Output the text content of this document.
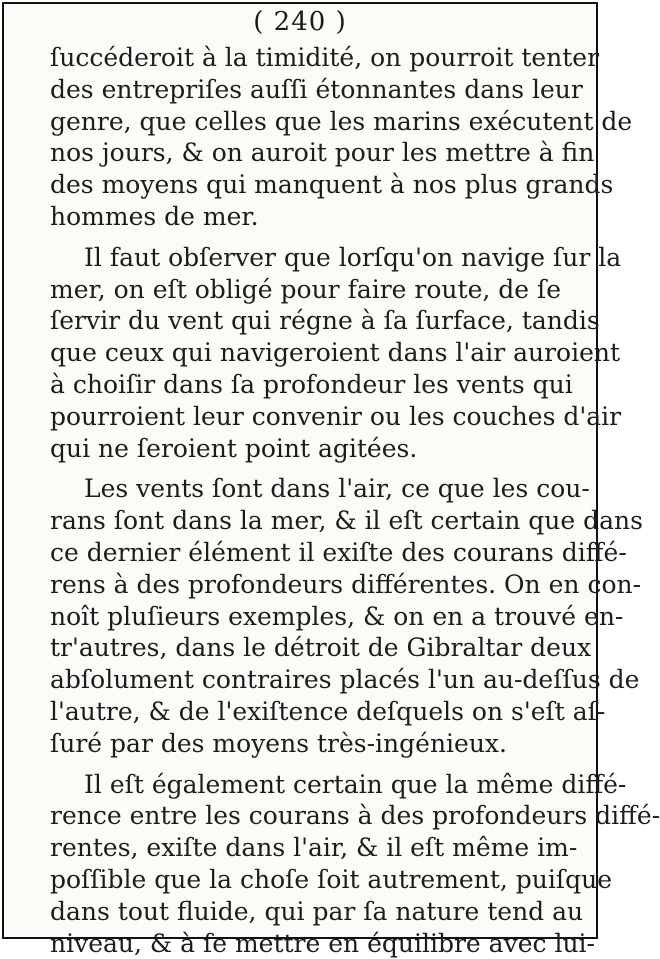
( 240 )
ſuccéderoit à la timidité, on pourroit tenter
des entrepriſes auſſi étonnantes dans leur
genre, que celles que les marins exécutent de
nos jours, & on auroit pour les mettre à fin
des moyens qui manquent à nos plus grands
hommes de mer.
Il faut obſerver que lorſqu'on navige ſur la
mer, on eſt obligé pour faire route, de ſe
ſervir du vent qui régne à ſa ſurface, tandis
que ceux qui navigeroient dans l'air auroient
à choiſir dans ſa profondeur les vents qui
pourroient leur convenir ou les couches d'air
qui ne ſeroient point agitées.
Les vents ſont dans l'air, ce que les cou-
rans ſont dans la mer, & il eſt certain que dans
ce dernier élément il exiſte des courans diffé-
rens à des profondeurs différentes. On en con-
noît pluſieurs exemples, & on en a trouvé en-
tr'autres, dans le détroit de Gibraltar deux
abſolument contraires placés l'un au-deſſus de
l'autre, & de l'exiſtence deſquels on s'eſt aſ-
ſuré par des moyens très-ingénieux.
Il eſt également certain que la même diffé-
rence entre les courans à des profondeurs diffé-
rentes, exiſte dans l'air, & il eſt même im-
poſſible que la choſe ſoit autrement, puiſque
dans tout fluide, qui par ſa nature tend au
niveau, & à ſe mettre en équilibre avec lui-
